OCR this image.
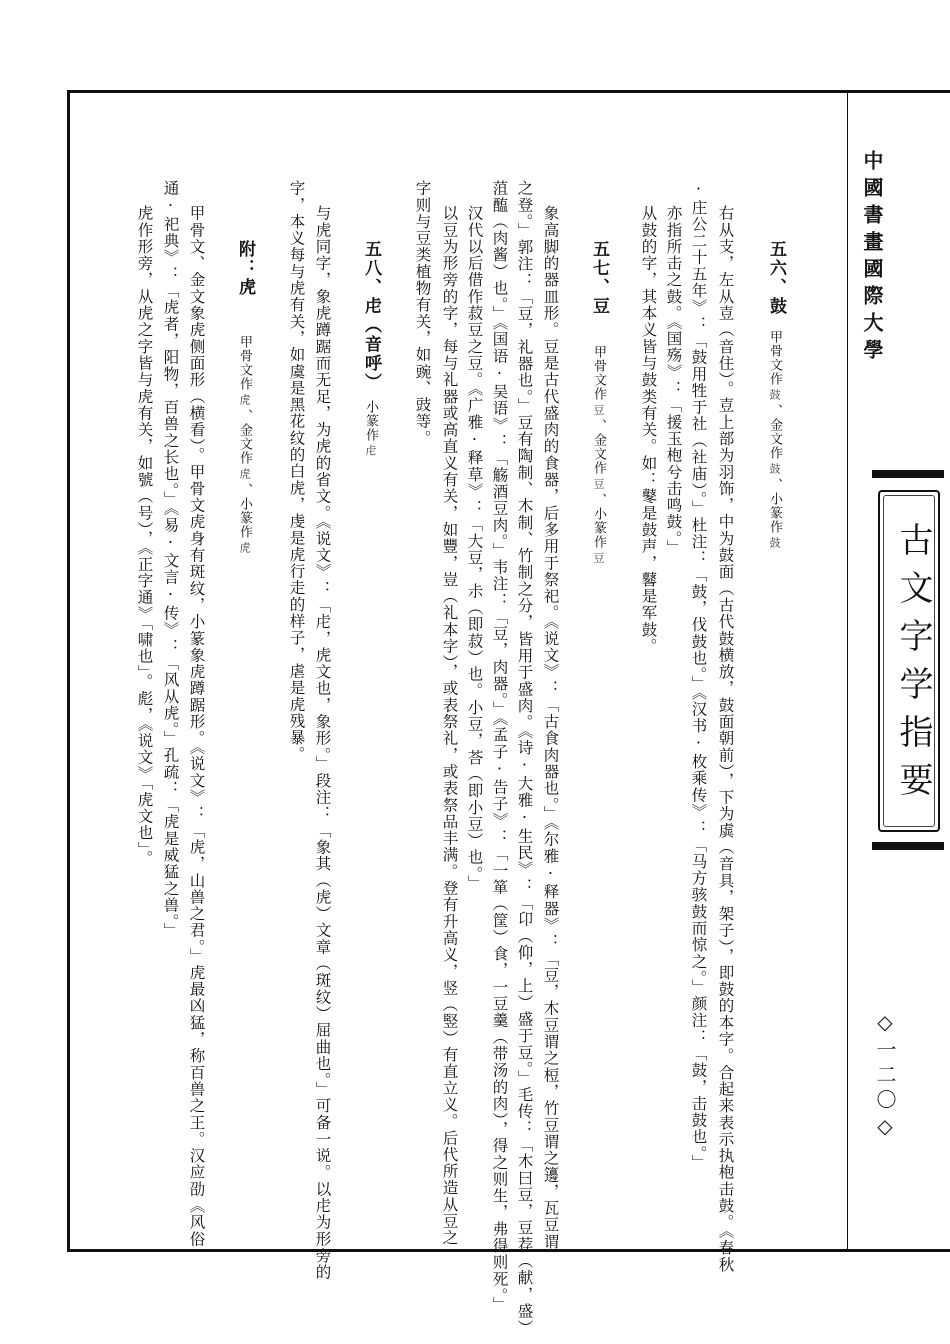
中國書畫國際大學
古文字学指要
◇一二〇◇
五六、鼓
甲骨文作鼓、金文作鼓、小篆作鼓
右从支，左从壴（音住）。壴上部为羽饰，中为鼓面（古代鼓横放，鼓面朝前），下为虡（音具，架子），即鼓的本字。合起来表示执枹击鼓。《春秋
·庄公二十五年》：「鼓用牲于社（社庙）。」杜注：「鼓，伐鼓也。」《汉书·枚乘传》：「马方骇鼓而惊之。」颜注：「鼓，击鼓也。」
亦指所击之鼓。《国殇》：「援玉枹兮击鸣鼓。」
从鼓的字，其本义皆与鼓类有关。如：鼕是鼓声，鼛是军鼓。
五七、豆
甲骨文作豆、金文作豆、小篆作豆
象高脚的器皿形。豆是古代盛肉的食器，后多用于祭祀。《说文》：「古食肉器也。」《尔雅·释器》：「豆，木豆谓之梪，竹豆谓之籩，瓦豆谓
之登。」郭注：「豆，礼器也。」豆有陶制、木制、竹制之分，皆用于盛肉。《诗·大雅·生民》：「卬（仰，上）盛于豆。」毛传：「木曰豆，豆荐（献，盛）
菹醢（肉酱）也。」《国语·吴语》：「觞酒豆肉。」韦注：「豆，肉器。」《孟子·告子》：「一箪（筐）食，一豆羹（带汤的肉），得之则生，弗得则死。」
汉代以后借作菽豆之豆。《广雅·释草》：「大豆，尗（即菽）也。小豆，荅（即小豆）也。」
以豆为形旁的字，每与礼器或高直义有关，如豐，豈（礼本字），或表祭礼，或表祭品丰满。登有升高义，竖（竪）有直立义。后代所造从豆之
字则与豆类植物有关，如豌、豉等。
五八、虍（音呼）
小篆作虍
与虎同字，象虎蹲踞而无足，为虎的省文。《说文》：「虍，虎文也，象形。」段注：「象其（虎）文章（斑纹）屈曲也。」可备一说。以虍为形旁的
字，本义每与虎有关，如虞是黑花纹的白虎，虔是虎行走的样子，虐是虎残暴。
附：虎
甲骨文作虎、金文作虎、小篆作虎
甲骨文、金文象虎侧面形（横看）。甲骨文虎身有斑纹，小篆象虎蹲踞形。《说文》：「虎，山兽之君。」虎最凶猛，称百兽之王。汉应劭《风俗
通·祀典》：「虎者，阳物，百兽之长也。」《易·文言·传》：「风从虎。」孔疏：「虎是威猛之兽。」
虎作形旁，从虎之字皆与虎有关，如號（号），《正字通》「啸也」。彪，《说文》「虎文也」。
